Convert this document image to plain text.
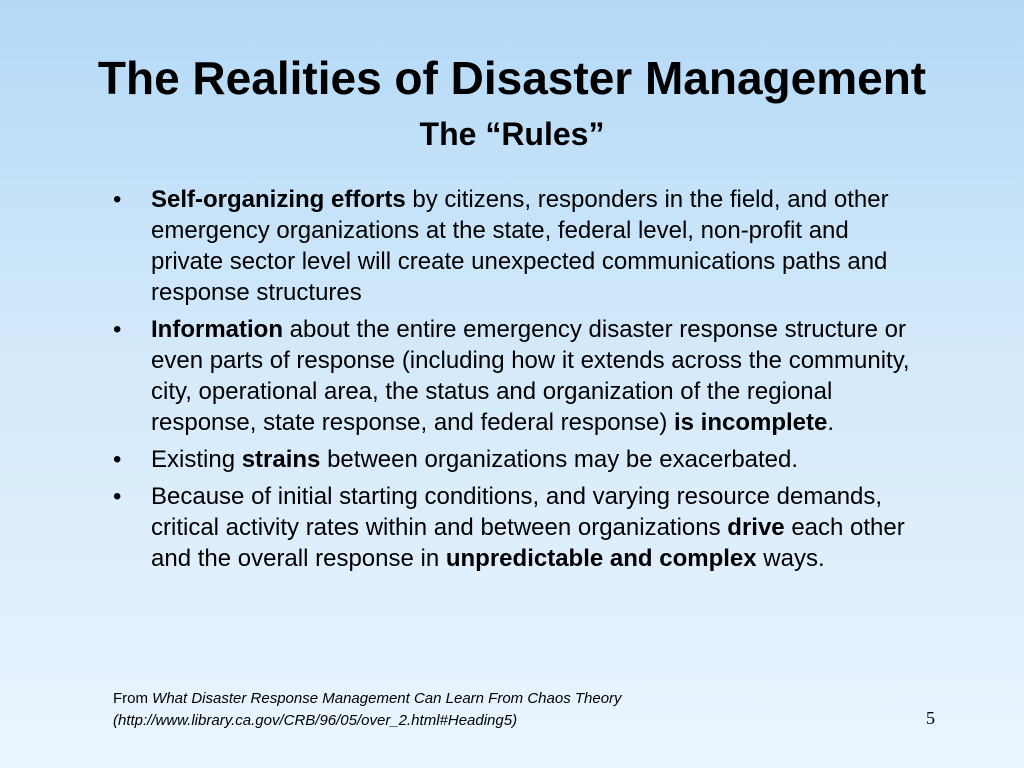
The Realities of Disaster Management
The “Rules”
• Self-organizing efforts by citizens, responders in the field, and other emergency organizations at the state, federal level, non-profit and private sector level will create unexpected communications paths and response structures
• Information about the entire emergency disaster response structure or even parts of response (including how it extends across the community, city, operational area, the status and organization of the regional response, state response, and federal response) is incomplete.
• Existing strains between organizations may be exacerbated.
• Because of initial starting conditions, and varying resource demands, critical activity rates within and between organizations drive each other and the overall response in unpredictable and complex ways.
From What Disaster Response Management Can Learn From Chaos Theory
(http://www.library.ca.gov/CRB/96/05/over_2.html#Heading5)	5
